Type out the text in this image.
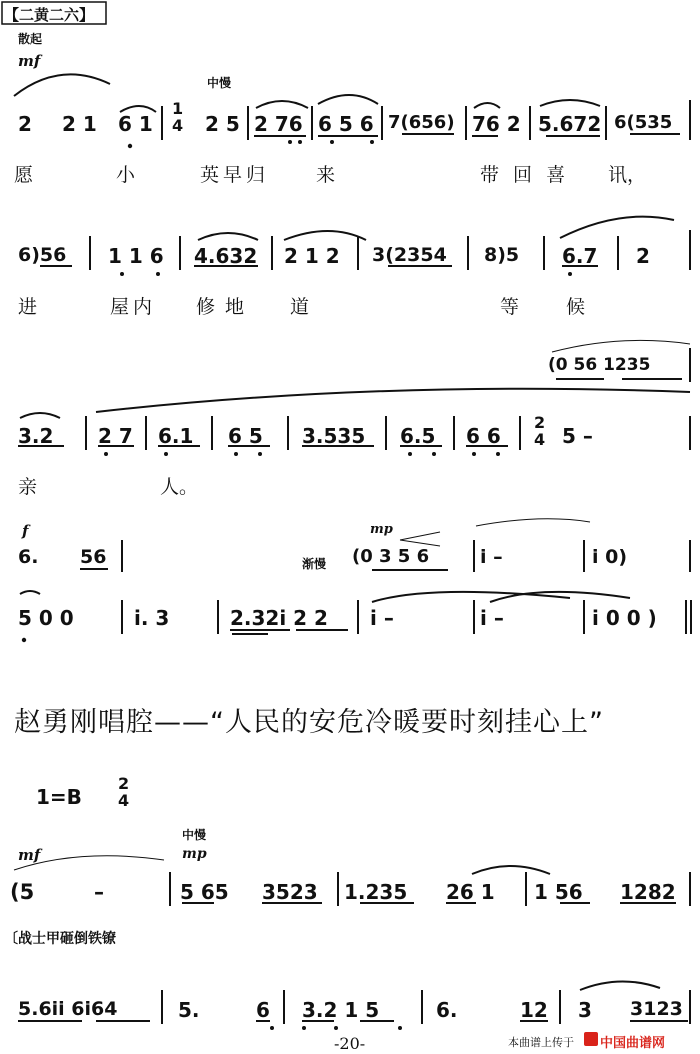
【二黄二六】
散起
mf
中慢
2 2 1 6 1
1
4 2 5 2 76 6 5 6 7(656) 76 2 5.672 6(535
愿	小	英早归 来	带 回 喜 讯，
6)56 1 1 6 4.632 2 1 2 3(2354 8)5 6.7 2
进	屋内 修地 道	等 候
(0 56 1235
3.2 2 7 6.1 6 5 3.535 6.5 6 6
2
4 5 –
亲	人。
f
6. 56	渐慢
mp
(0 3 5 6	i –	i 0)
5 0 0	i. 3	2.32i 2 2 i –	i –	i 0 0 )
赵勇刚唱腔——“人民的安危冷暖要时刻挂心上”
1=B
2
4
中慢
mf	mp
(5	–	5 65 3523 1.235 26 1 1 56 1282
〔战士甲砸倒铁镣
5.6ii 6i64	5.	6 3.2 1 5	6.	12 3 3123
-20-	本曲谱上传于 中国曲谱网
